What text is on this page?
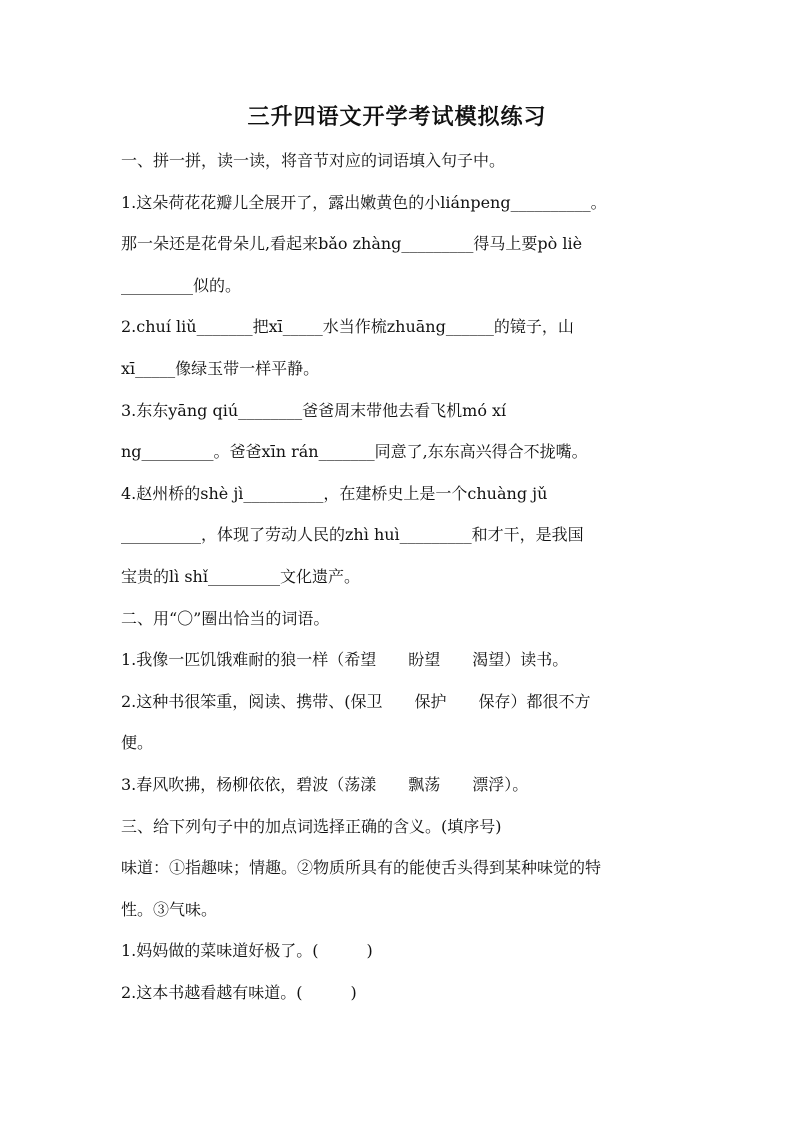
三升四语文开学考试模拟练习
一、拼一拼，读一读，将音节对应的词语填入句子中。
1.这朵荷花花瓣儿全展开了，露出嫩黄色的小liánpeng__________。
那一朵还是花骨朵儿,看起来bǎo zhàng_________得马上要pò liè
_________似的。
2.chuí liǔ_______把xī_____水当作梳zhuāng______的镜子，山
xī_____像绿玉带一样平静。
3.东东yāng qiú________爸爸周末带他去看飞机mó xí
ng_________。爸爸xīn rán_______同意了,东东高兴得合不拢嘴。
4.赵州桥的shè jì__________，在建桥史上是一个chuàng jǔ
__________，体现了劳动人民的zhì huì_________和才干，是我国
宝贵的lì shǐ_________文化遗产。
二、用“〇”圈出恰当的词语。
1.我像一匹饥饿难耐的狼一样（希望　　盼望　　渴望）读书。
2.这种书很笨重，阅读、携带、(保卫　　保护　　保存）都很不方
便。
3.春风吹拂，杨柳依依，碧波（荡漾　　飘荡　　漂浮）。
三、给下列句子中的加点词选择正确的含义。(填序号)
味道：①指趣味；情趣。②物质所具有的能使舌头得到某种味觉的特
性。③气味。
1.妈妈做的菜味道好极了。(　　　)
2.这本书越看越有味道。(　　　)
